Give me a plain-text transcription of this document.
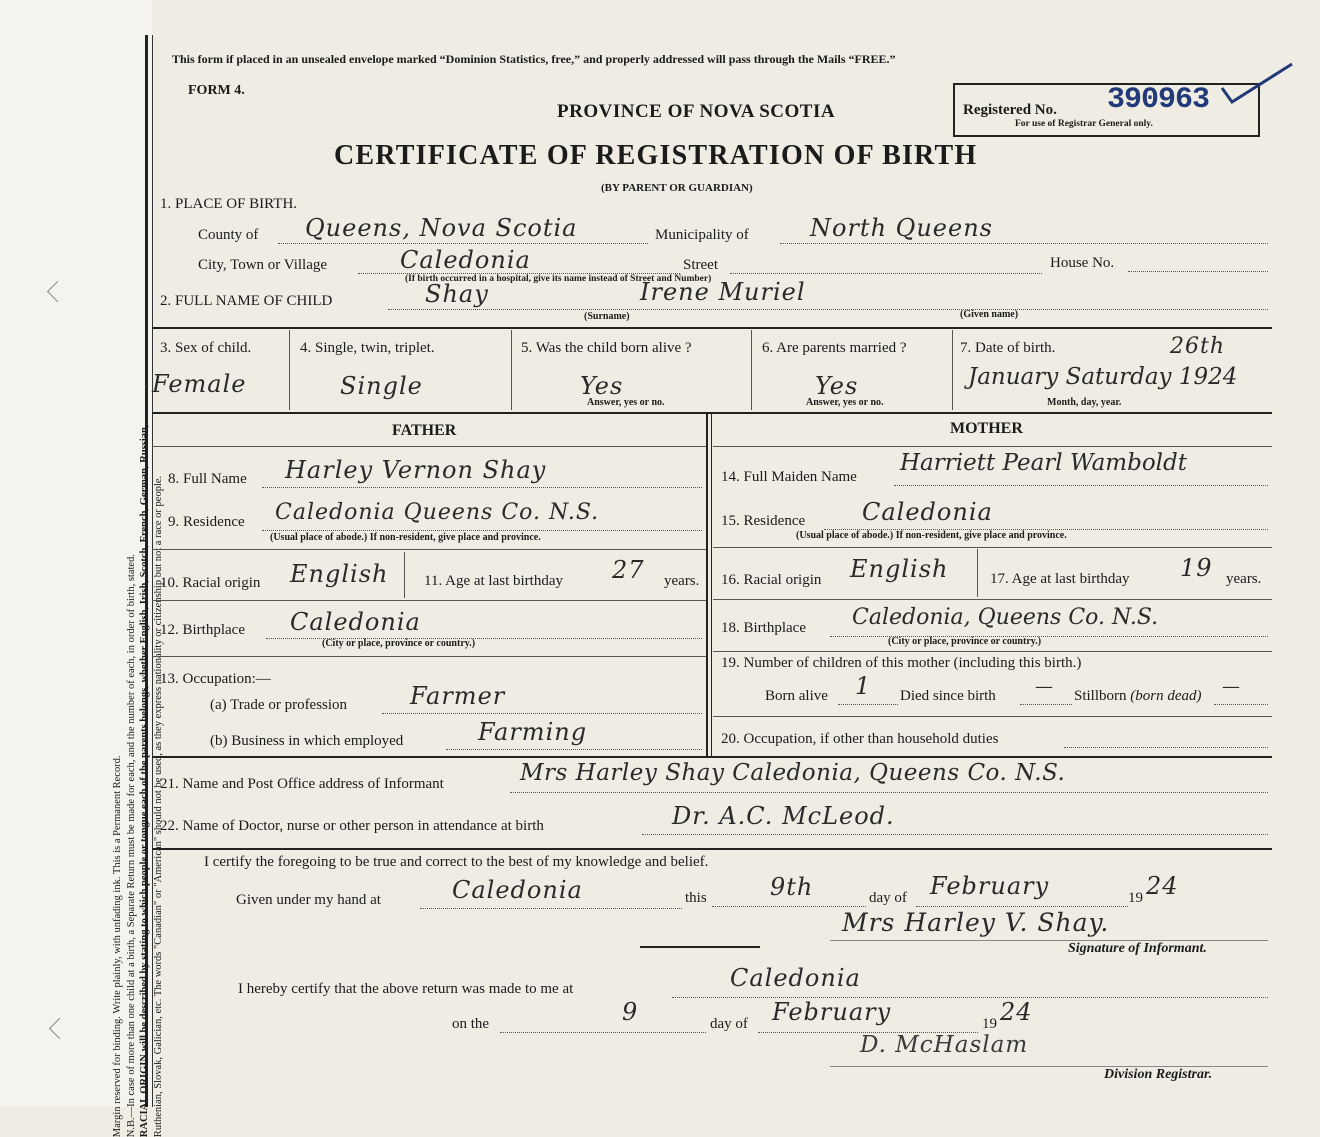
Margin reserved for binding. Write plainly, with unfading ink. This is a Permanent Record. N.B.—In case of more than one child at a birth, a Separate Return must be made for each, and the number of each, in order of birth, stated. RACIAL ORIGIN will be described by stating to which people or tongue each of the parents belongs, whether English, Irish, Scotch, French, German, Russian, Ruthenian, Slovak, Galician, etc. The words "Canadian" or "American" should not be used, as they express nationality or citizenship but not a race or people.
This form if placed in an unsealed envelope marked “Dominion Statistics, free,” and properly addressed will pass through the Mails “FREE.”
FORM 4.
PROVINCE OF NOVA SCOTIA	Registered No. 390963
For use of Registrar General only.
CERTIFICATE OF REGISTRATION OF BIRTH
(BY PARENT OR GUARDIAN)
1. PLACE OF BIRTH.
County of Queens, Nova Scotia	Municipality of	North Queens
City, Town or Village	Caledonia	Street	House No.
(If birth occurred in a hospital, give its name instead of Street and Number)
2. FULL NAME OF CHILD	Shay	Irene Muriel
(Surname)	(Given name)
3. Sex of child.
Female
4. Single, twin, triplet.
Single
5. Was the child born alive ?
Yes
Answer, yes or no.
6. Are parents married ?
Yes
Answer, yes or no.
7. Date of birth.	26th
January Saturday 1924
Month, day, year.
FATHER	MOTHER
8. Full Name Harley Vernon Shay
9. Residence Caledonia Queens Co. N.S.
(Usual place of abode.) If non-resident, give place and province.
10. Racial origin English 11. Age at last birthday 27 years.
12. Birthplace Caledonia
(City or place, province or country.)
13. Occupation:—
(a) Trade or profession	Farmer
(b) Business in which employed	Farming
14. Full Maiden Name
Harriett Pearl Wamboldt
15. Residence Caledonia
(Usual place of abode.) If non-resident, give place and province.
16. Racial origin English	17. Age at last birthday 19 years.
18. Birthplace Caledonia, Queens Co. N.S.
(City or place, province or country.)
19. Number of children of this mother (including this birth.)
Born alive 1 Died since birth — Stillborn (born dead) —
20. Occupation, if other than household duties
21. Name and Post Office address of Informant	Mrs Harley Shay Caledonia, Queens Co. N.S.
22. Name of Doctor, nurse or other person in attendance at birth	Dr. A.C. McLeod.
I certify the foregoing to be true and correct to the best of my knowledge and belief.
Given under my hand at	Caledonia	this	9th	day of February	19 24
Mrs Harley V. Shay.
Signature of Informant.
I hereby certify that the above return was made to me at	Caledonia
on the	9	day of February	19 24
D. McHaslam
Division Registrar.
